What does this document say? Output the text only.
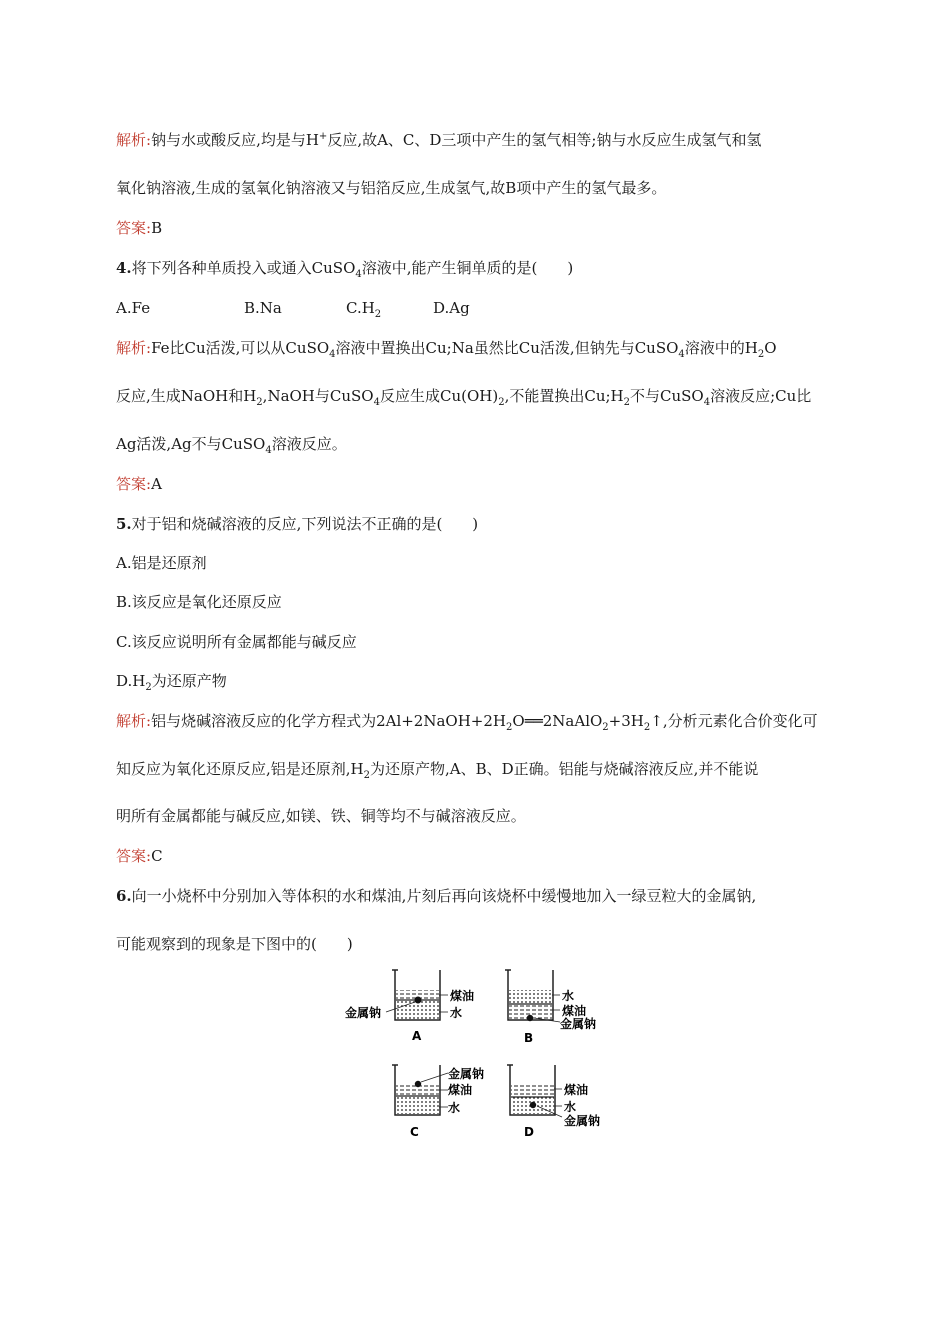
解析:钠与水或酸反应,均是与H+反应,故A、C、D三项中产生的氢气相等;钠与水反应生成氢气和氢
氧化钠溶液,生成的氢氧化钠溶液又与铝箔反应,生成氢气,故B项中产生的氢气最多。
答案:B
4.将下列各种单质投入或通入CuSO$_4$溶液中,能产生铜单质的是(　　)
A.Fe	B.Na	$C.H_2$	D.Ag
解析:Fe比Cu活泼,可以从CuSO$_4$溶液中置换出Cu;Na虽然比Cu活泼,但钠先与CuSO$_4$溶液中的$H_2O$
反应,生成NaOH和$H_2,NaOH$与CuSO$_4$反应生成$Cu(OH)_2$,不能置换出$Cu;H_2$不与CuSO$_4$溶液反应;Cu比
Ag活泼,Ag不与CuSO$_4$溶液反应。
答案:A
5.对于铝和烧碱溶液的反应,下列说法不正确的是(　　)
A.铝是还原剂
B.该反应是氧化还原反应
C.该反应说明所有金属都能与碱反应
$D.H_2$为还原产物
解析:铝与烧碱溶液反应的化学方程式为$2Al+2NaOH+2H_2O══2NaAlO_2+3H_2↑$,分析元素化合价变化可
知反应为氧化还原反应,铝是还原剂$,H_2$为还原产物,A、B、D正确。铝能与烧碱溶液反应,并不能说
明所有金属都能与碱反应,如镁、铁、铜等均不与碱溶液反应。
答案:C
6.向一小烧杯中分别加入等体积的水和煤油,片刻后再向该烧杯中缓慢地加入一绿豆粒大的金属钠,
可能观察到的现象是下图中的(　　)
煤油
水
金属钠
A
水
煤油
金属钠
B
金属钠
煤油
水
C
煤油
水
金属钠
D
